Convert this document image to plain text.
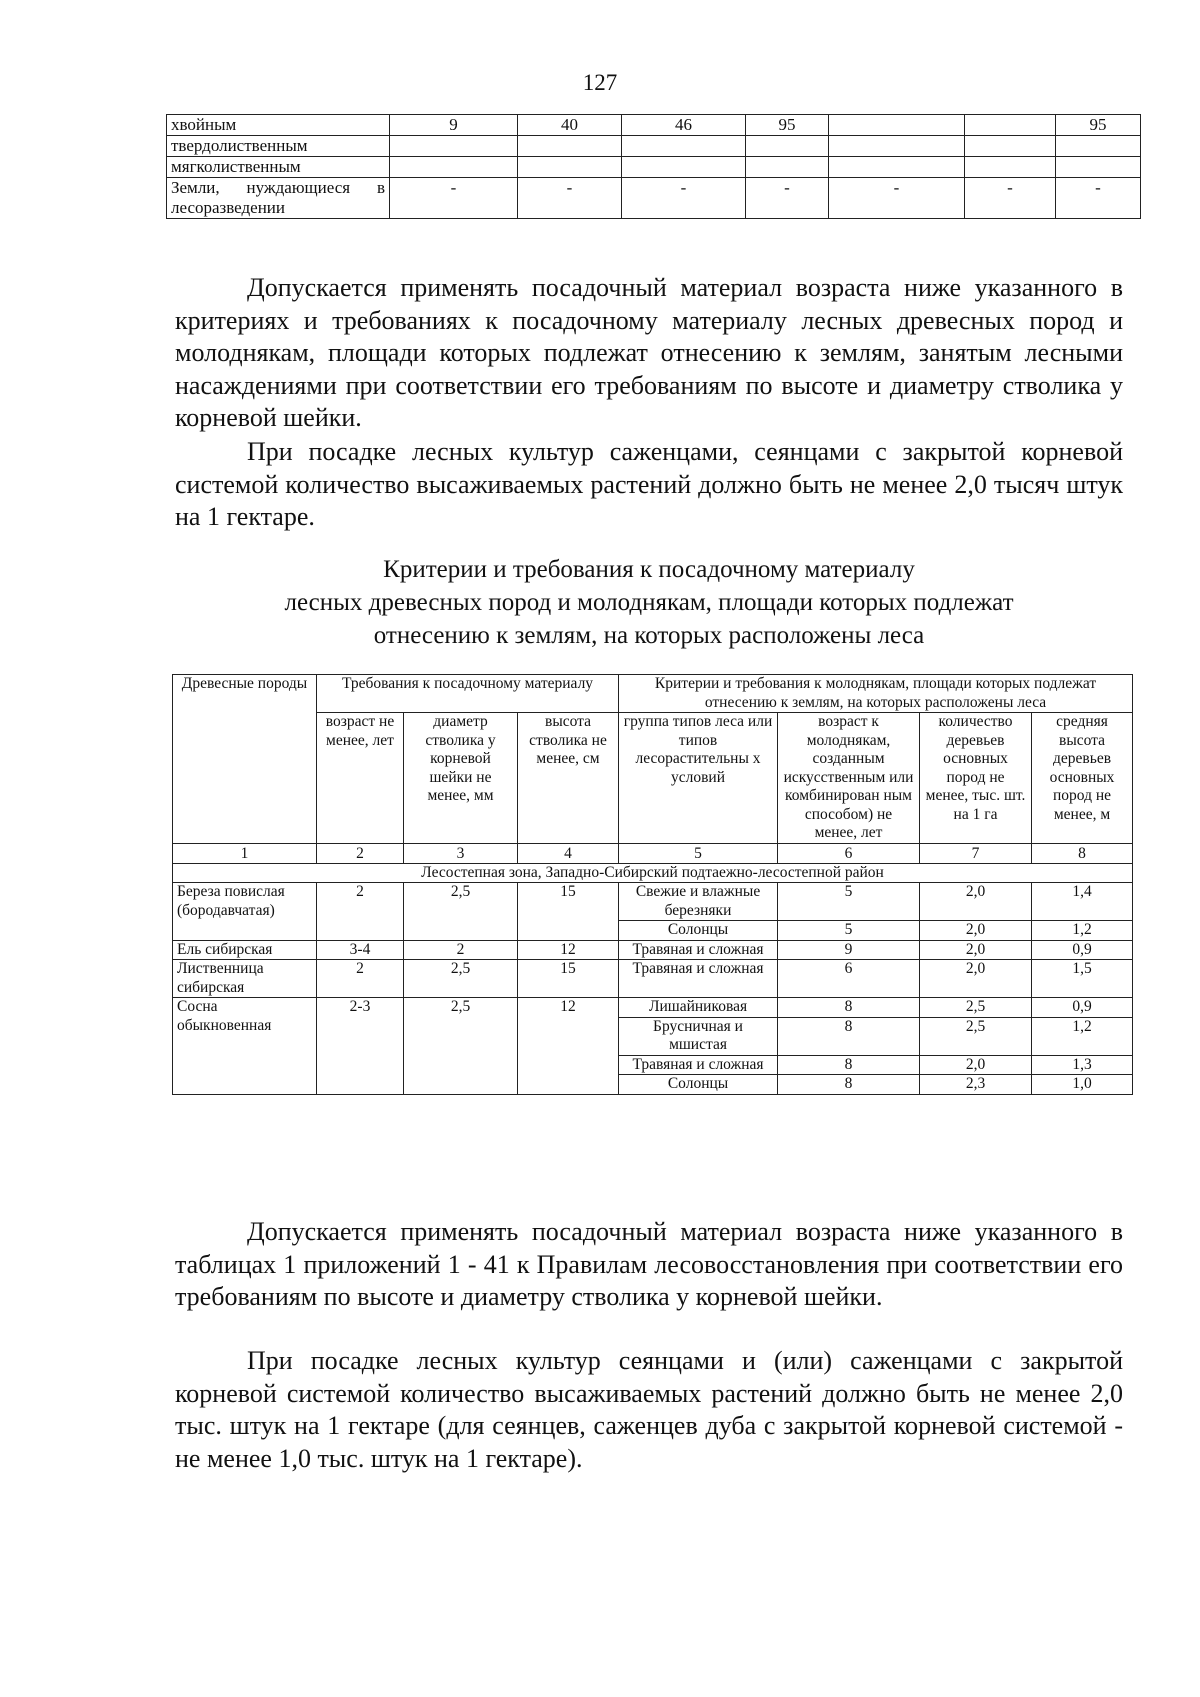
127
хвойным	9	40	46	95			95
твердолиственным							
мягколиственным							
Земли, нуждающиеся в лесоразведении	-	-	-	-	-	-	-

Допускается применять посадочный материал возраста ниже указанного в критериях и требованиях к посадочному материалу лесных древесных пород и молоднякам, площади которых подлежат отнесению к землям, занятым лесными насаждениями при соответствии его требованиям по высоте и диаметру стволика у корневой шейки.

При посадке лесных культур саженцами, сеянцами с закрытой корневой системой количество высаживаемых растений должно быть не менее 2,0 тысяч штук на 1 гектаре.

Критерии и требования к посадочному материалу
лесных древесных пород и молоднякам, площади которых подлежат
отнесению к землям, на которых расположены леса
Древесные породы	Требования к посадочному материалу			Критерии и требования к молоднякам, площади которых подлежат отнесению к землям, на которых расположены леса			
	возраст не менее, лет	диаметр стволика у корневой шейки не менее, мм	высота стволика не менее, см	группа типов леса или типов лесорастительны х условий	возраст к молоднякам, созданным искусственным или комбинирован ным способом) не менее, лет	количество деревьев основных пород не менее, тыс. шт. на 1 га	средняя высота деревьев основных пород не менее, м
1	2	3	4	5	6	7	8
Лесостепная зона, Западно-Сибирский подтаежно-лесостепной район							
Береза повислая (бородавчатая)	2	2,5	15	Свежие и влажные березняки	5	2,0	1,4
				Солонцы	5	2,0	1,2
Ель сибирская	3-4	2	12	Травяная и сложная	9	2,0	0,9
Лиственница сибирская	2	2,5	15	Травяная и сложная	6	2,0	1,5
Сосна обыкновенная	2-3	2,5	12	Лишайниковая	8	2,5	0,9
				Брусничная и мшистая	8	2,5	1,2
				Травяная и сложная	8	2,0	1,3
				Солонцы	8	2,3	1,0

Допускается применять посадочный материал возраста ниже указанного в таблицах 1 приложений 1 - 41 к Правилам лесовосстановления при соответствии его требованиям по высоте и диаметру стволика у корневой шейки.

При посадке лесных культур сеянцами и (или) саженцами с закрытой корневой системой количество высаживаемых растений должно быть не менее 2,0 тыс. штук на 1 гектаре (для сеянцев, саженцев дуба с закрытой корневой системой - не менее 1,0 тыс. штук на 1 гектаре).
